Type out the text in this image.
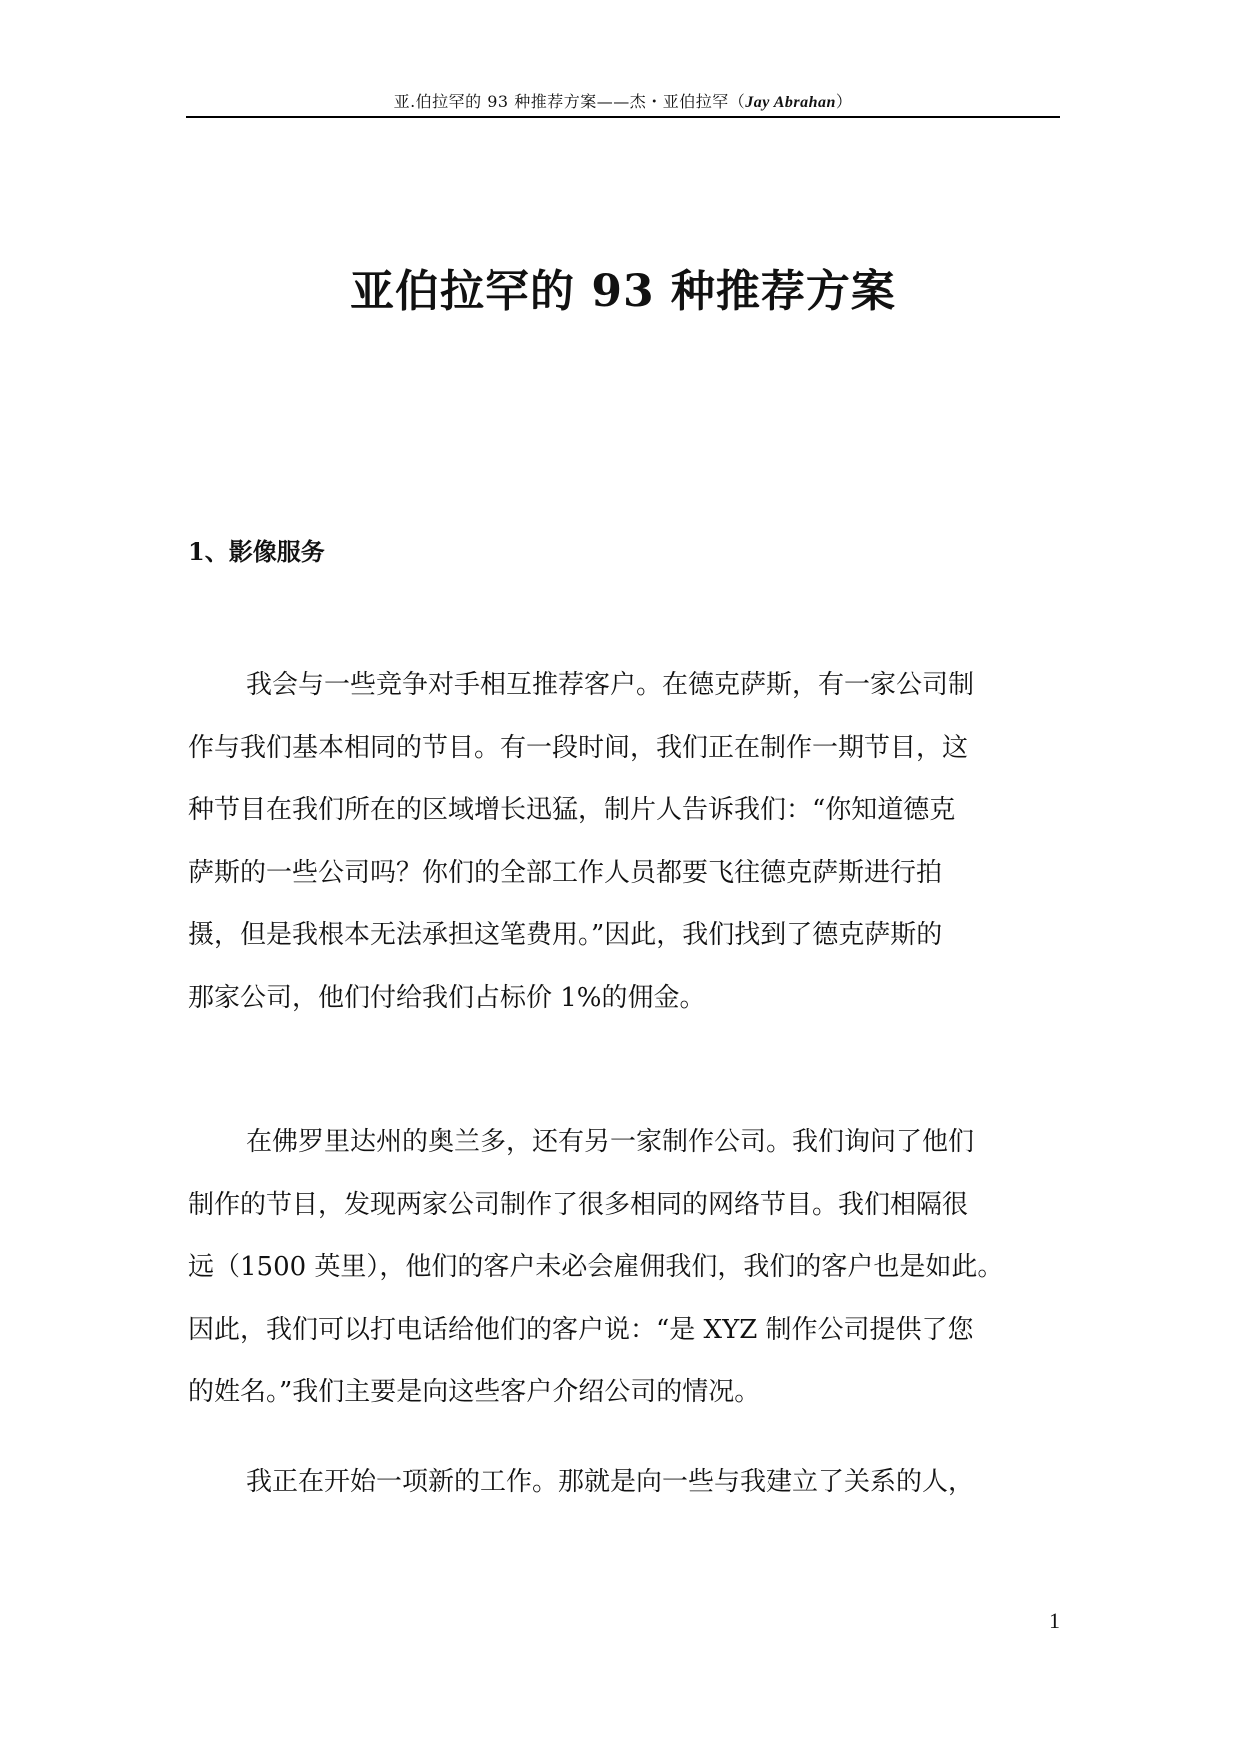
亚.伯拉罕的 93 种推荐方案——杰・亚伯拉罕（Jay Abrahan）
亚伯拉罕的 93 种推荐方案
1、影像服务
我会与一些竞争对手相互推荐客户。在德克萨斯，有一家公司制
作与我们基本相同的节目。有一段时间，我们正在制作一期节目，这
种节目在我们所在的区域增长迅猛，制片人告诉我们：“你知道德克
萨斯的一些公司吗？你们的全部工作人员都要飞往德克萨斯进行拍
摄，但是我根本无法承担这笔费用。”因此，我们找到了德克萨斯的
那家公司，他们付给我们占标价 1%的佣金。
在佛罗里达州的奥兰多，还有另一家制作公司。我们询问了他们
制作的节目，发现两家公司制作了很多相同的网络节目。我们相隔很
远（1500 英里），他们的客户未必会雇佣我们，我们的客户也是如此。
因此，我们可以打电话给他们的客户说：“是 XYZ 制作公司提供了您
的姓名。”我们主要是向这些客户介绍公司的情况。
我正在开始一项新的工作。那就是向一些与我建立了关系的人，
1
